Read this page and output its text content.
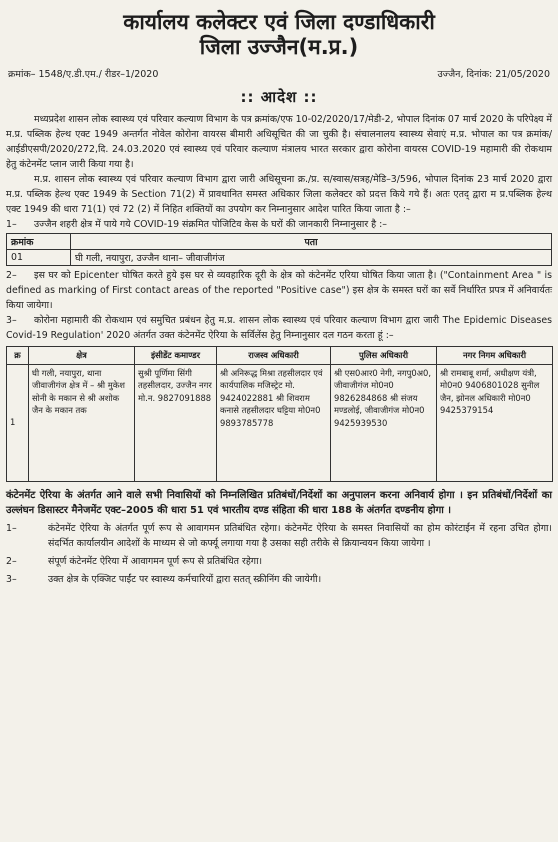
कार्यालय कलेक्टर एवं जिला दण्डाधिकारी
जिला उज्जैन(म.प्र.)
क्रमांक– 1548/ए.डी.एम./ रीडर–1/2020	उज्जैन, दिनांक: 21/05/2020
:: आदेश ::

मध्यप्रदेश शासन लोक स्वास्थ्य एवं परिवार कल्याण विभाग के पत्र क्रमांक/एफ 10-02/2020/17/मेडी-2, भोपाल दिनांक 07 मार्च 2020 के परिपेक्ष्य में म.प्र. पब्लिक हेल्थ एक्ट 1949 अन्तर्गत नोवेल कोरोना वायरस बीमारी अधिसूचित की जा चुकी है। संचालनालय स्वास्थ्य सेवाएं म.प्र. भोपाल का पत्र क्रमांक/आईडीएसपी/2020/272,दि. 24.03.2020 एवं स्वास्थ्य एवं परिवार कल्याण मंत्रालय भारत सरकार द्वारा कोरोना वायरस COVID-19 महामारी की रोकथाम हेतु कंटेनमेंट प्लान जारी किया गया है।

म.प्र. शासन लोक स्वास्थ्य एवं परिवार कल्याण विभाग द्वारा जारी अधिसूचना क्र./प्र. स/स्वास/सत्रह/मेडि–3/596, भोपाल दिनांक 23 मार्च 2020 द्वारा म.प्र. पब्लिक हेल्थ एक्ट 1949 के Section 71(2) में प्रावधानित समस्त अधिकार जिला कलेक्टर को प्रदत्त किये गये हैं। अतः एतद् द्वारा म प्र.पब्लिक हेल्थ एक्ट 1949 की धारा 71(1) एवं 72 (2) में निहित शक्तियों का उपयोग कर निम्नानुसार आदेश पारित किया जाता है :–

1– उज्जैन शहरी क्षेत्र में पाये गये COVID-19 संक्रमित पोजिटिव केस के घरों की जानकारी निम्नानुसार है :–

क्रमांक	पता
01	घी गली, नयापुरा, उज्जैन थाना– जीवाजीगंज

2– इस घर को Epicenter घोषित करते हुये इस घर से व्यवहारिक दूरी के क्षेत्र को कंटेनमेंट एरिया घोषित किया जाता है। ("Containment Area " is defined as marking of First contact areas of the reported "Positive case") इस क्षेत्र के समस्त घरों का सर्वे निर्धारित प्रपत्र में अनिवार्यतः किया जायेगा।

3– कोरोना महामारी की रोकथाम एवं समुचित प्रबंधन हेतु म.प्र. शासन लोक स्वास्थ्य एवं परिवार कल्याण विभाग द्वारा जारी The Epidemic Diseases Covid-19 Regulation' 2020 अंतर्गत उक्त कंटेनमेंट ऐरिया के सर्विलेंस हेतु निम्नानुसार दल गठन करता हूं :–

क्र	क्षेत्र	इंसीडेंट कमाण्डर	राजस्व अधिकारी	पुलिस अधिकारी	नगर निगम अधिकारी
1	घी गली, नयापुरा, थाना जीवाजीगंज क्षेत्र में – श्री मुकेश सोनी के मकान से श्री अशोक जैन के मकान तक	सुश्री पूर्णिमा सिंगी तहसीलदार, उज्जैन नगर मो.न. 9827091888	श्री अनिरूद्ध मिश्रा तहसीलदार एवं कार्यपालिक मजिस्ट्रेट मो. 9424022881 श्री शिवराम कनासे तहसीलदार घट्टिया मो0न0 9893785778	श्री एस0आर0 नेगी, नगपु0अ0, जीवाजीगंज मो0न0 9826284868 श्री संजय मण्डलोई, जीवाजीगंज मो0न0 9425939530	श्री रामबाबू शर्मा, अधीक्षण यंत्री, मो0न0 9406801028 सुनील जैन, झोनल अधिकारी मो0न0 9425379154

कंटेनमेंट ऐरिया के अंतर्गत आने वाले सभी निवासियों को निम्नलिखित प्रतिबंधों/निर्देशों का अनुपालन करना अनिवार्य होगा । इन प्रतिबंधों/निर्देशों का उल्लंघन डिसास्टर मैनेजमेंट एक्ट–2005 की धारा 51 एवं भारतीय दण्ड संहिता की धारा 188 के अंतर्गत दण्डनीय होगा ।

1–	कंटेनमेंट ऐरिया के अंतर्गत पूर्ण रूप से आवागमन प्रतिबंधित रहेगा। कंटेनमेंट ऐरिया के समस्त निवासियों का होम कोरंटाईन में रहना उचित होगा। संदर्भित कार्यालयीन आदेशों के माध्यम से जो कर्फ्यू लगाया गया है उसका सही तरीके से क्रियान्वयन किया जायेगा ।
2–	संपूर्ण कंटेनमेंट ऐरिया में आवागमन पूर्ण रूप से प्रतिबंधित रहेगा।
3–	उक्त क्षेत्र के एक्जिट पाईंट पर स्वास्थ्य कर्मचारियों द्वारा सतत् स्क्रीनिंग की जायेगी।
